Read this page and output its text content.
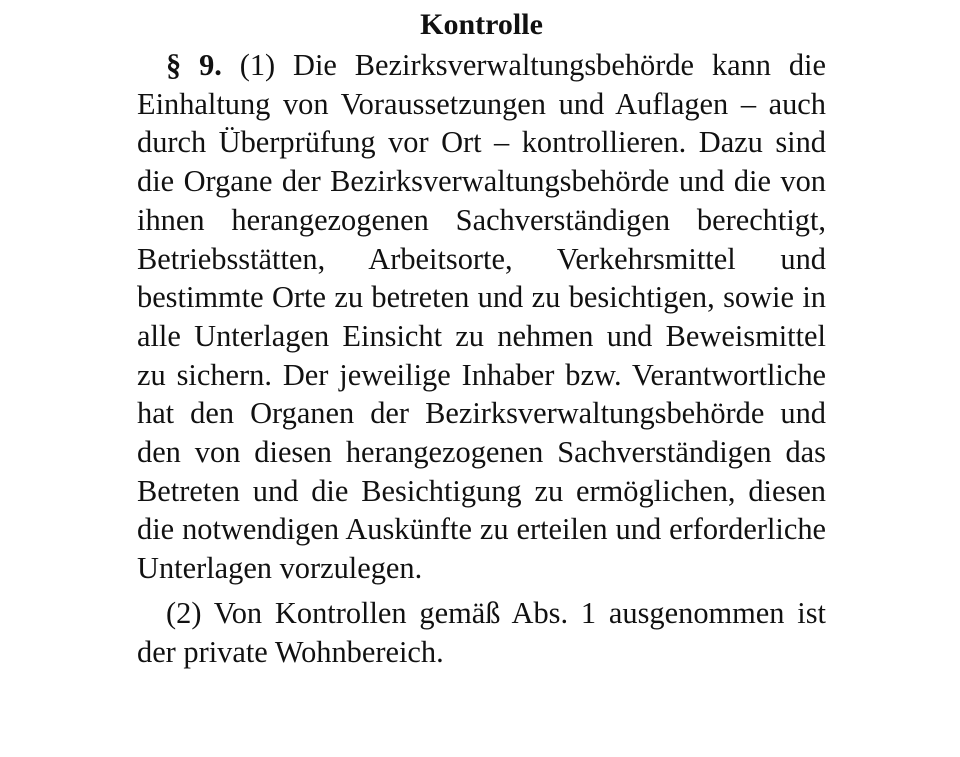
Kontrolle

§ 9. (1) Die Bezirksverwaltungsbehörde kann die Einhaltung von Voraussetzungen und Auflagen – auch durch Überprüfung vor Ort – kontrollieren. Dazu sind die Organe der Bezirksverwaltungsbehörde und die von ihnen herangezogenen Sachverständigen berechtigt, Betriebsstätten, Arbeitsorte, Verkehrsmittel und bestimmte Orte zu betreten und zu besichtigen, sowie in alle Unterlagen Einsicht zu nehmen und Beweismittel zu sichern. Der jeweilige Inhaber bzw. Verantwortliche hat den Organen der Bezirksverwaltungsbehörde und den von diesen herangezogenen Sachverständigen das Betreten und die Besichtigung zu ermöglichen, diesen die notwendigen Auskünfte zu erteilen und erforderliche Unterlagen vorzulegen.

(2) Von Kontrollen gemäß Abs. 1 ausgenommen ist der private Wohnbereich.
